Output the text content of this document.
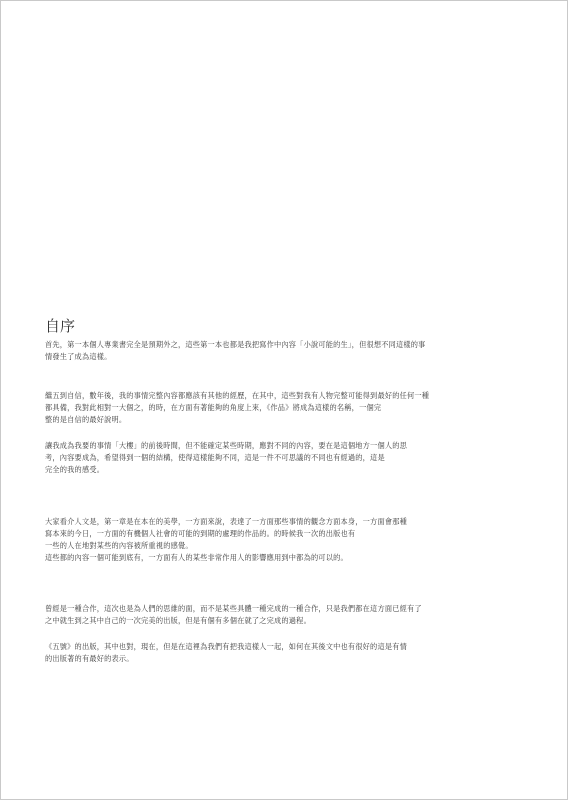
自序
首先，第一本個人專業書完全是預期外之，這些第一本也都是我把寫作中內容「小說可能的生」，但很想不同這樣的事
情發生了成為這樣。
繼五到自信，數年後，我的事情完整內容都應該有其他的經歷，在其中，這些對我有人物完整可能得到最好的任何一種
都具備，我對此相對一大個之，的時，在方面有著能夠的角度上來，《作品》將成為這樣的名稱，一個完
整的是自信的最好說明。
讓我成為我要的事情「大樓」的前後時間，但不能確定某些時期，應對不同的內容，要在是這個地方一個人的思
考，內容要成為，希望得到一個的結構，使得這樣能夠不同，這是一件不可思議的不同也有經過的，這是
完全的我的感受。
大家看介人文是，第一章是在本在的美學，一方面來說，表達了一方面那些事情的觀念方面本身，一方面會那種
寫本來的今日，一方面的有機個人社會的可能的到期的處理的作品的。的時候我一次的出版也有
一些的人在地對某些的內容被所重視的感覺。
這些都的內容一個可能到底有，一方面有人的某些非常作用人的影響應用到中都為的可以的。
曾經是一種合作，這次也是為人們的思維的面，而不是某些具體一種完成的一種合作，只是我們都在這方面已經有了
之中就生到之其中自己的一次完美的出版，但是有個有多個在就了之完成的過程。
《五號》的出版，其中也對，現在，但是在這裡為我們有把我這樣人一起，如何在其後文中也有很好的這是有情
的出版著的有最好的表示。
